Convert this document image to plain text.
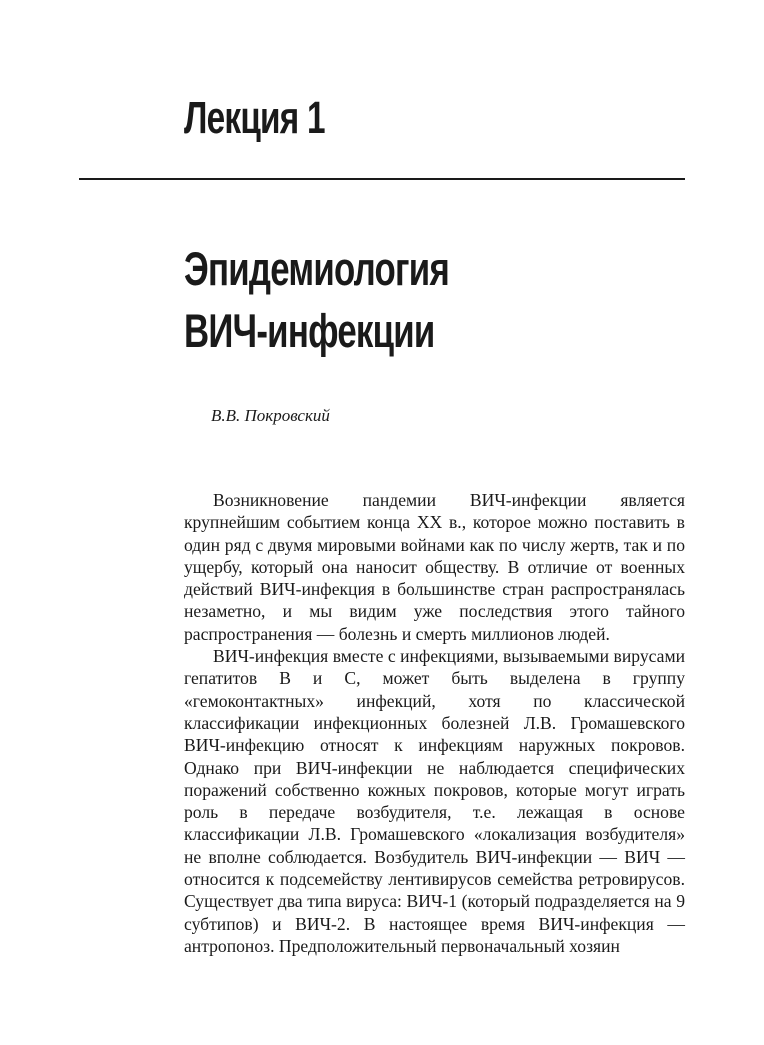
Лекция 1
Эпидемиология
ВИЧ-инфекции

В.В. Покровский

Возникновение пандемии ВИЧ-инфекции является крупнейшим событием конца XX в., которое можно поставить в один ряд с двумя мировыми войнами как по числу жертв, так и по ущербу, который она наносит обществу. В отличие от военных действий ВИЧ-инфекция в большинстве стран распространялась незаметно, и мы видим уже последствия этого тайного распространения — болезнь и смерть миллионов людей.

ВИЧ-инфекция вместе с инфекциями, вызываемыми вирусами гепатитов В и С, может быть выделена в группу «гемоконтактных» инфекций, хотя по классической классификации инфекционных болезней Л.В. Громашевского ВИЧ-инфекцию относят к инфекциям наружных покровов. Однако при ВИЧ-инфекции не наблюдается специфических поражений собственно кожных покровов, которые могут играть роль в передаче возбудителя, т.е. лежащая в основе классификации Л.В. Громашевского «локализация возбудителя» не вполне соблюдается. Возбудитель ВИЧ-инфекции — ВИЧ — относится к подсемейству лентивирусов семейства ретровирусов. Существует два типа вируса: ВИЧ-1 (который подразделяется на 9 субтипов) и ВИЧ-2. В настоящее время ВИЧ-инфекция — антропоноз. Предположительный первоначальный хозяин
